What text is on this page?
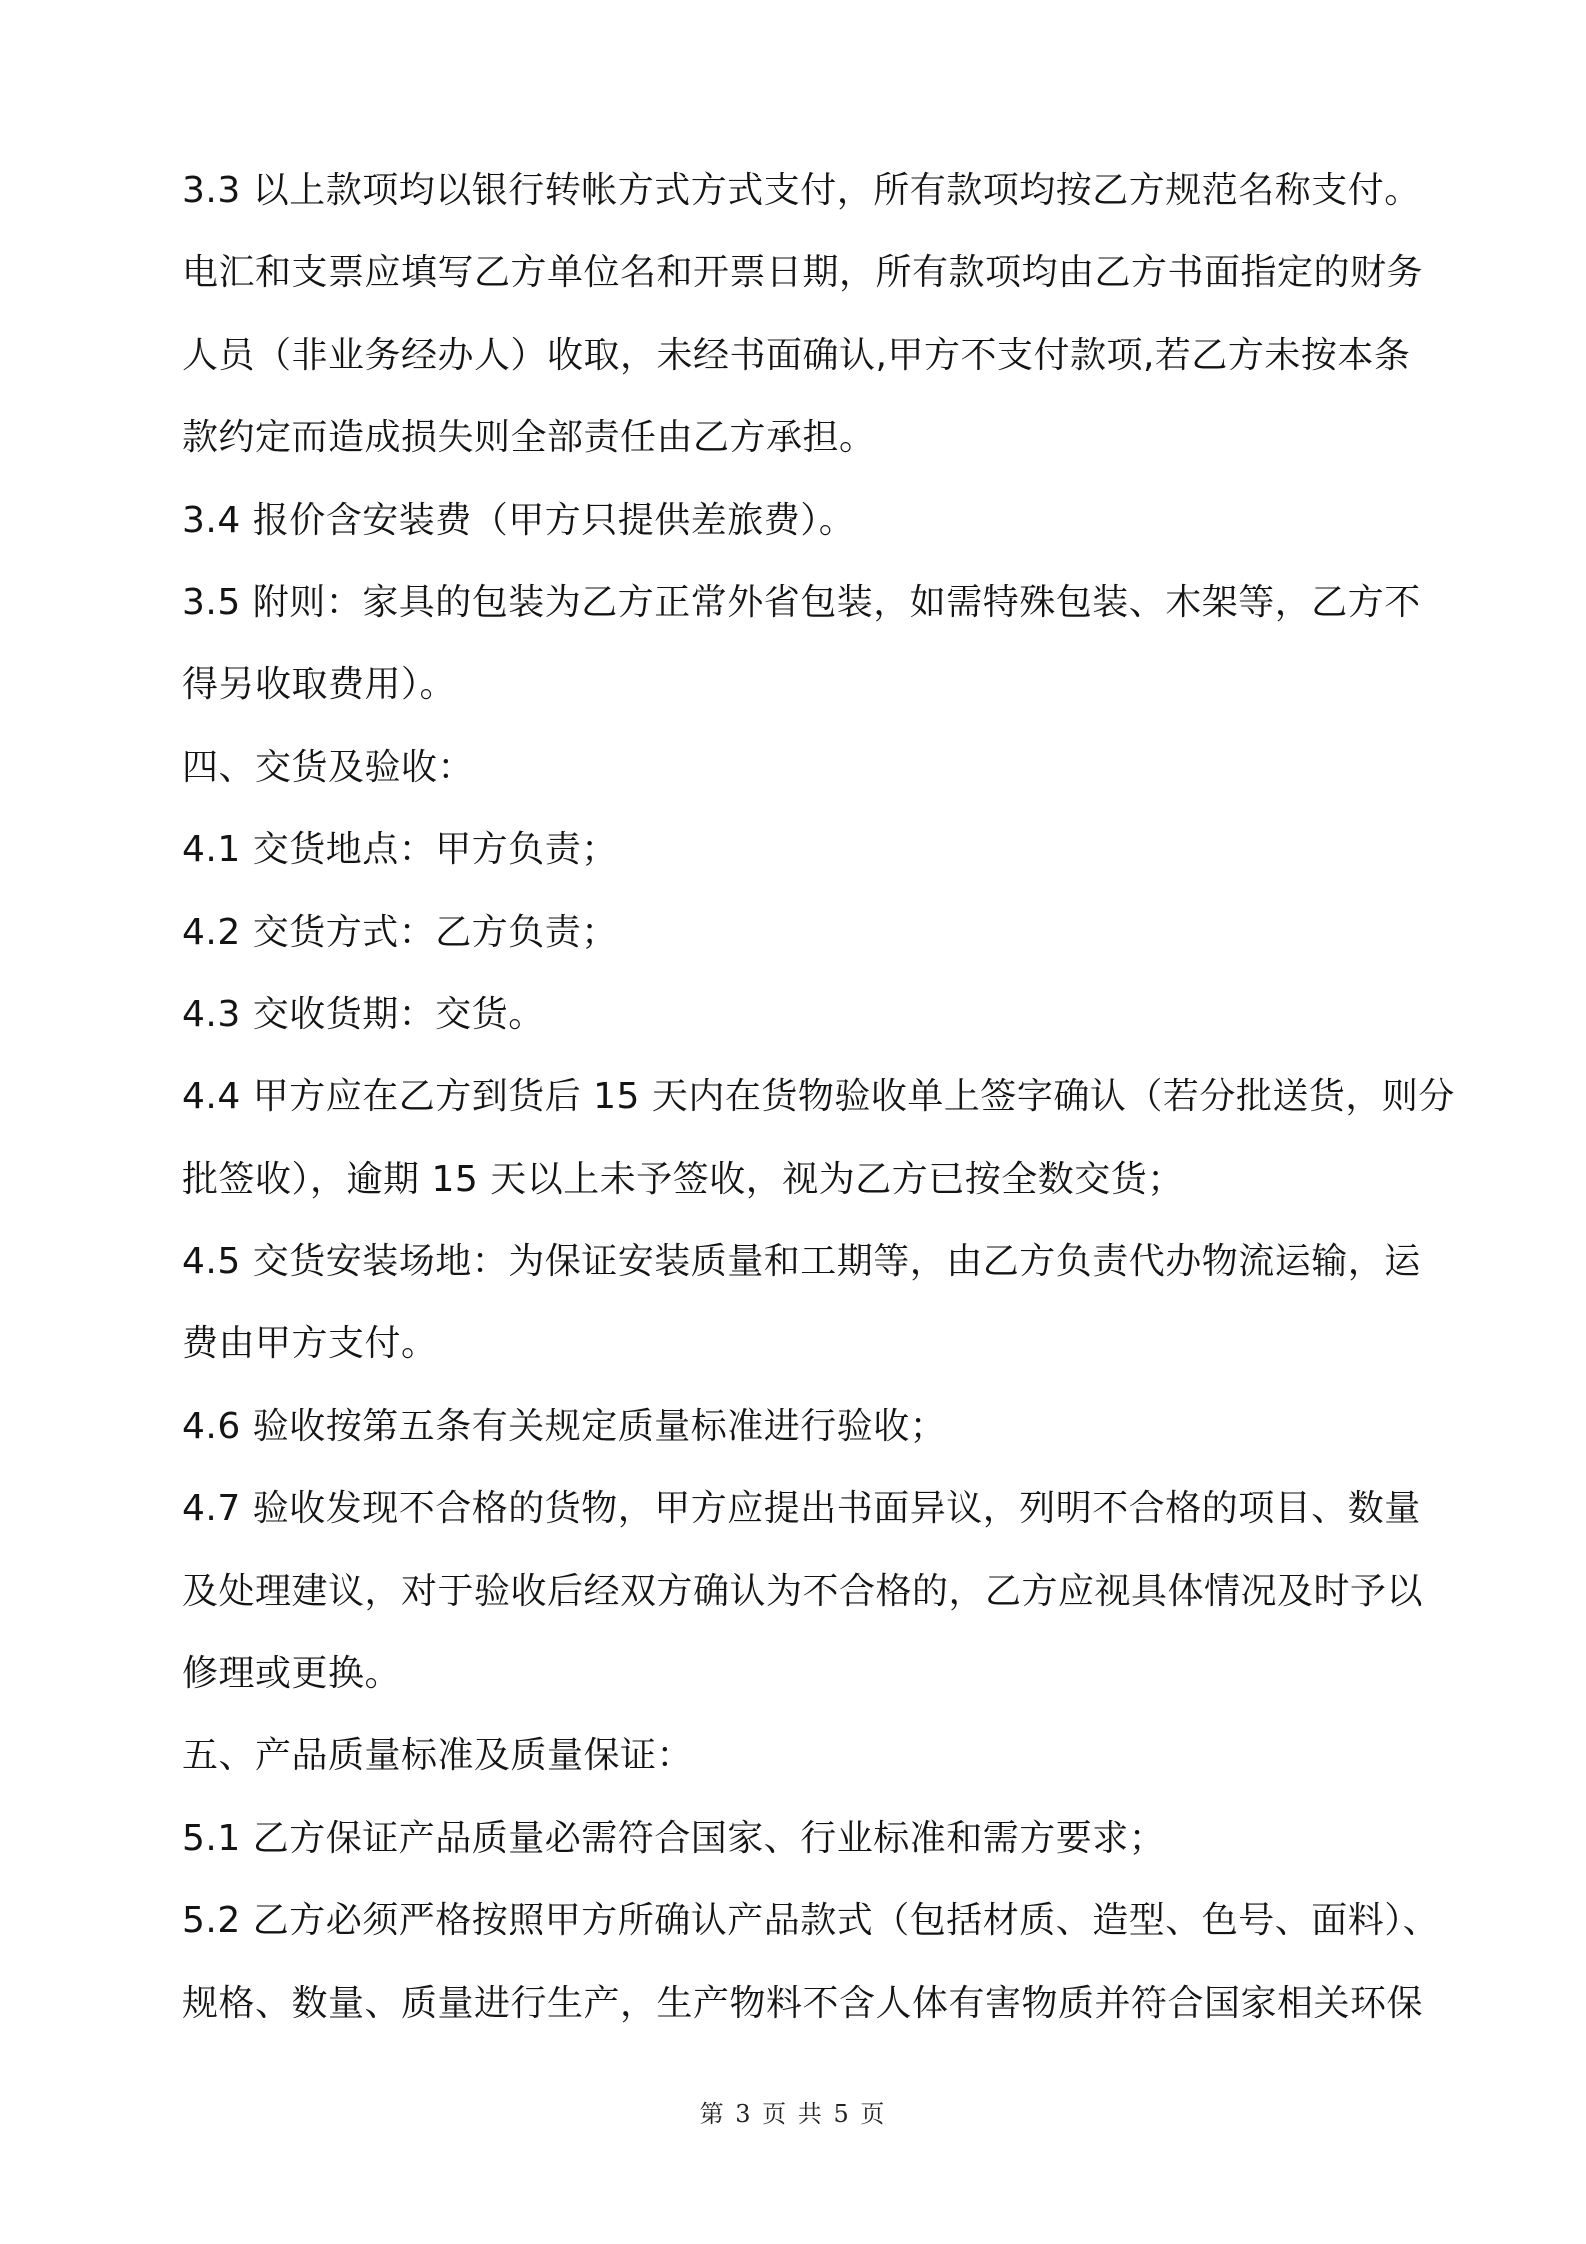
3.3 以上款项均以银行转帐方式方式支付，所有款项均按乙方规范名称支付。
电汇和支票应填写乙方单位名和开票日期，所有款项均由乙方书面指定的财务
人员（非业务经办人）收取，未经书面确认,甲方不支付款项,若乙方未按本条
款约定而造成损失则全部责任由乙方承担。
3.4 报价含安装费（甲方只提供差旅费）。
3.5 附则：家具的包装为乙方正常外省包装，如需特殊包装、木架等，乙方不
得另收取费用）。
四、交货及验收：
4.1 交货地点：甲方负责；
4.2 交货方式：乙方负责；
4.3 交收货期：交货。
4.4 甲方应在乙方到货后 15 天内在货物验收单上签字确认（若分批送货，则分
批签收），逾期 15 天以上未予签收，视为乙方已按全数交货；
4.5 交货安装场地：为保证安装质量和工期等，由乙方负责代办物流运输，运
费由甲方支付。
4.6 验收按第五条有关规定质量标准进行验收；
4.7 验收发现不合格的货物，甲方应提出书面异议，列明不合格的项目、数量
及处理建议，对于验收后经双方确认为不合格的，乙方应视具体情况及时予以
修理或更换。
五、产品质量标准及质量保证：
5.1 乙方保证产品质量必需符合国家、行业标准和需方要求；
5.2 乙方必须严格按照甲方所确认产品款式（包括材质、造型、色号、面料）、
规格、数量、质量进行生产，生产物料不含人体有害物质并符合国家相关环保
第 3 页 共 5 页
